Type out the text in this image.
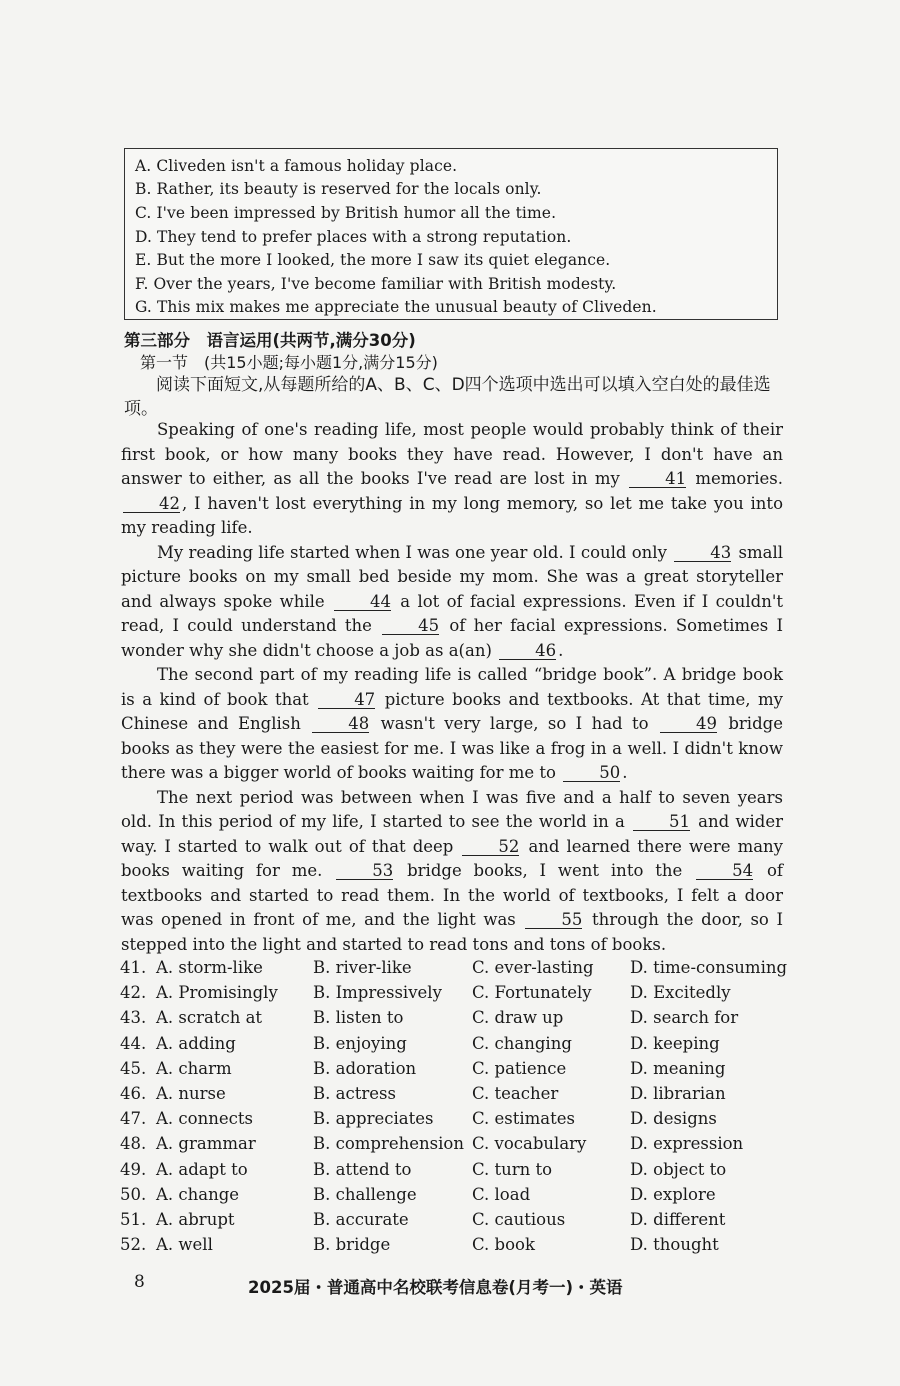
A. Cliveden isn't a famous holiday place.
B. Rather, its beauty is reserved for the locals only.
C. I've been impressed by British humor all the time.
D. They tend to prefer places with a strong reputation.
E. But the more I looked, the more I saw its quiet elegance.
F. Over the years, I've become familiar with British modesty.
G. This mix makes me appreciate the unusual beauty of Cliveden.
第三部分　语言运用(共两节,满分30分)
第一节　(共15小题;每小题1分,满分15分)
阅读下面短文,从每题所给的A、B、C、D四个选项中选出可以填入空白处的最佳选项。

Speaking of one's reading life, most people would probably think of their first book, or how many books they have read. However, I don't have an answer to either, as all the books I've read are lost in my	41 memories. 42 , I haven't lost everything in my long memory, so let me take you into my reading life.

My reading life started when I was one year old. I could only	43 small picture books on my small bed beside my mom. She was a great storyteller and always spoke while	44 a lot of facial expressions. Even if I couldn't read, I could understand the	45 of her facial expressions. Sometimes I wonder why she didn't choose a job as a(an)	46 .

The second part of my reading life is called “bridge book”. A bridge book is a kind of book that	47 picture books and textbooks. At that time, my Chinese and English	48 wasn't very large, so I had to	49 bridge books as they were the easiest for me. I was like a frog in a well. I didn't know there was a bigger world of books waiting for me to	50 .

The next period was between when I was five and a half to seven years old. In this period of my life, I started to see the world in a	51 and wider way. I started to walk out of that deep	52 and learned there were many books waiting for me.	53 bridge books, I went into the	54 of textbooks and started to read them. In the world of textbooks, I felt a door was opened in front of me, and the light was	55 through the door, so I stepped into the light and started to read tons and tons of books.

41. A. storm-like	B. river-like	C. ever-lasting D. time-consuming
42. A. Promisingly B. Impressively C. Fortunately D. Excitedly
43. A. scratch at	B. listen to	C. draw up	D. search for
44. A. adding	B. enjoying	C. changing	D. keeping
45. A. charm	B. adoration	C. patience	D. meaning
46. A. nurse	B. actress	C. teacher	D. librarian
47. A. connects	B. appreciates C. estimates	D. designs
48. A. grammar	B. comprehension C. vocabulary	D. expression
49. A. adapt to	B. attend to	C. turn to	D. object to
50. A. change	B. challenge	C. load	D. explore
51. A. abrupt	B. accurate	C. cautious	D. different
52. A. well	B. bridge	C. book	D. thought
8	2025届・普通高中名校联考信息卷(月考一)・英语
